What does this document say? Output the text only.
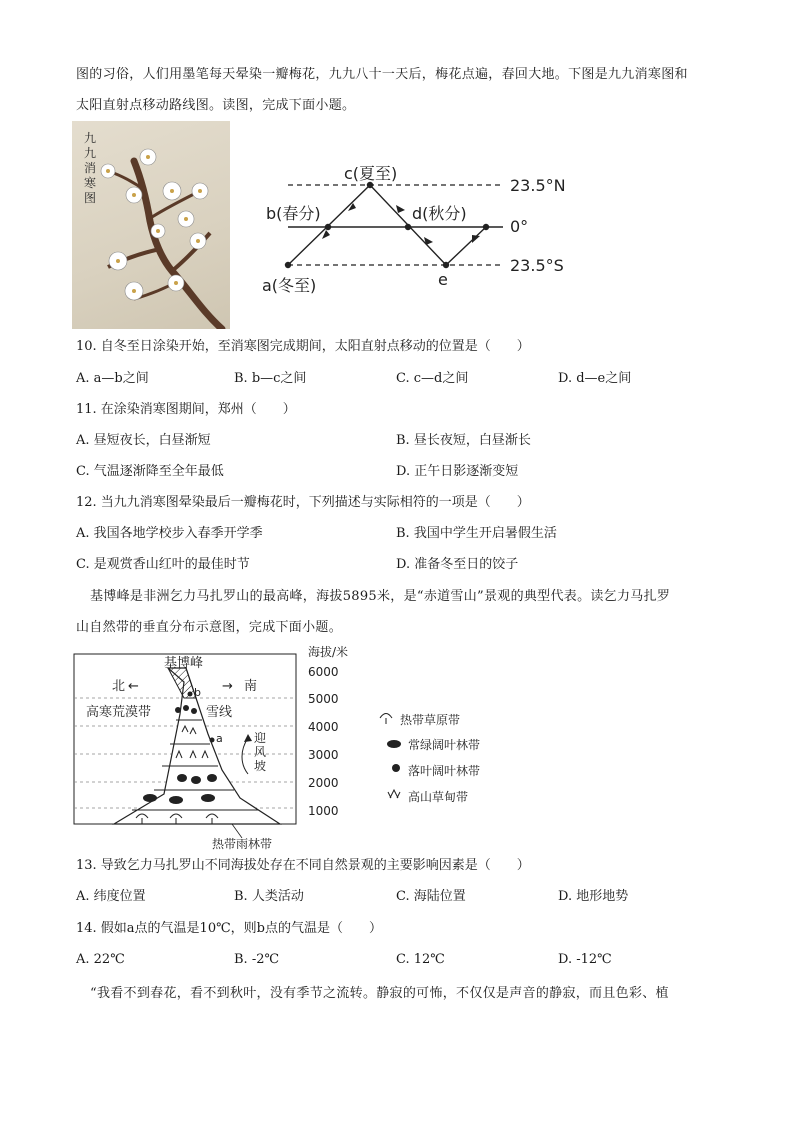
图的习俗，人们用墨笔每天晕染一瓣梅花，九九八十一天后，梅花点遍，春回大地。下图是九九消寒图和
太阳直射点移动路线图。读图，完成下面小题。
九
九
消
寒
图
c(夏至)
b(春分)	d(秋分)
a(冬至)	e
23.5°N
0°
23.5°S
10. 自冬至日涂染开始，至消寒图完成期间，太阳直射点移动的位置是（　　）
A. a—b之间	B. b—c之间	C. c—d之间	D. d—e之间
11. 在涂染消寒图期间，郑州（　　）
A. 昼短夜长，白昼渐短	B. 昼长夜短，白昼渐长
C. 气温逐渐降至全年最低	D. 正午日影逐渐变短
12. 当九九消寒图晕染最后一瓣梅花时，下列描述与实际相符的一项是（　　）
A. 我国各地学校步入春季开学季	B. 我国中学生开启暑假生活
C. 是观赏香山红叶的最佳时节	D. 准备冬至日的饺子
基博峰是非洲乞力马扎罗山的最高峰，海拔5895米，是“赤道雪山”景观的典型代表。读乞力马扎罗
山自然带的垂直分布示意图，完成下面小题。
a
b
基博峰
北 ←	→ 南
高寒荒漠带	雪线
迎
风
坡
海拔/米
6000
5000
4000
3000
2000
1000
热带雨林带
热带草原带
常绿阔叶林带
落叶阔叶林带
高山草甸带
13. 导致乞力马扎罗山不同海拔处存在不同自然景观的主要影响因素是（　　）
A. 纬度位置	B. 人类活动	C. 海陆位置	D. 地形地势
14. 假如a点的气温是10℃，则b点的气温是（　　）
A. 22℃	B. -2℃	C. 12℃	D. -12℃
“我看不到春花，看不到秋叶，没有季节之流转。静寂的可怖，不仅仅是声音的静寂，而且色彩、植
